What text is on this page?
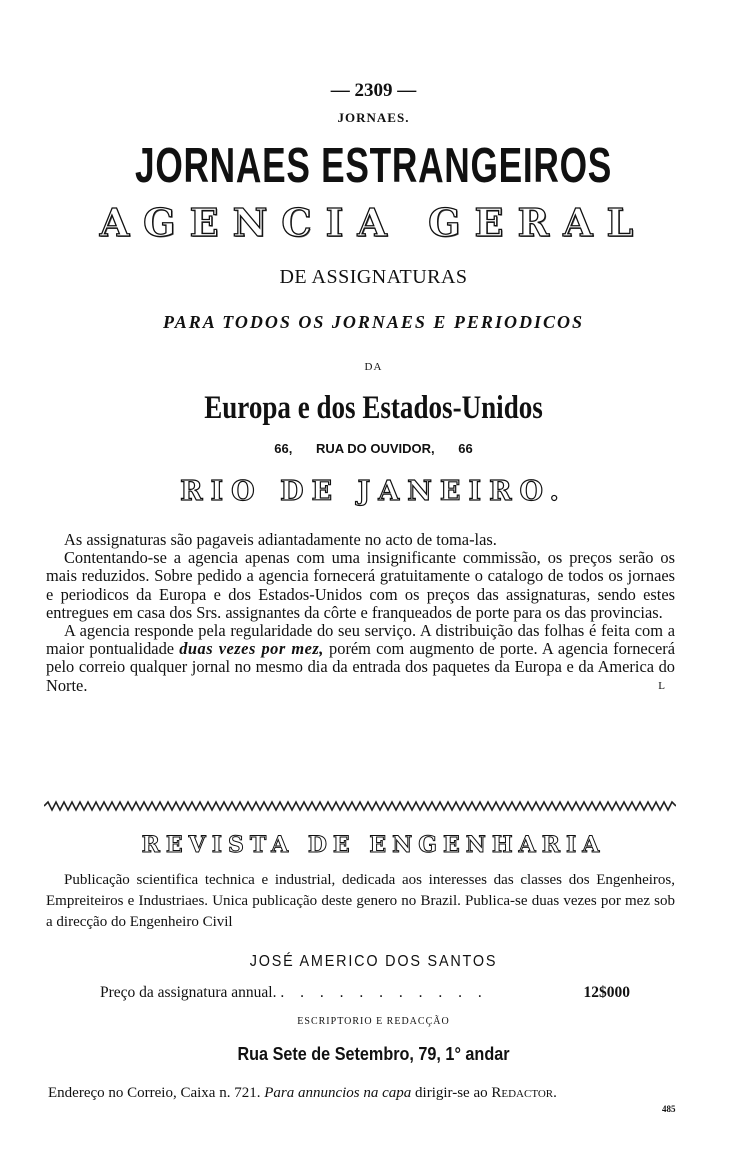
— 2309 —
JORNAES.
JORNAES ESTRANGEIROS
AGENCIA GERAL
DE ASSIGNATURAS
PARA TODOS OS JORNAES E PERIODICOS
DA
Europa e dos Estados-Unidos
66, RUA DO OUVIDOR, 66
RIO DE JANEIRO.

As assignaturas são pagaveis adiantadamente no acto de toma-las.

Contentando-se a agencia apenas com uma insignificante commissão, os preços serão os mais reduzidos. Sobre pedido a agencia fornecerá gratuitamente o catalogo de todos os jornaes e periodicos da Europa e dos Estados-Unidos com os preços das assignaturas, sendo estes entregues em casa dos Srs. assignantes da côrte e franqueados de porte para os das provincias.

A agencia responde pela regularidade do seu serviço. A distribuição das folhas é feita com a maior pontualidade duas vezes por mez, porém com augmento de porte. A agencia fornecerá pelo correio qualquer jornal no mesmo dia da entrada dos paquetes da Europa e da America do Norte.	L

REVISTA DE ENGENHARIA

Publicação scientifica technica e industrial, dedicada aos interesses das classes dos Engenheiros, Empreiteiros e Industriaes. Unica publicação deste genero no Brazil. Publica-se duas vezes por mez sob a direcção do Engenheiro Civil

JOSÉ AMERICO DOS SANTOS
Preço da assignatura annual. . . . . . . . . . . .	12$000
ESCRIPTORIO E REDACÇÃO
Rua Sete de Setembro, 79, 1° andar
Endereço no Correio, Caixa n. 721. Para annuncios na capa dirigir-se ao Redactor.
485
